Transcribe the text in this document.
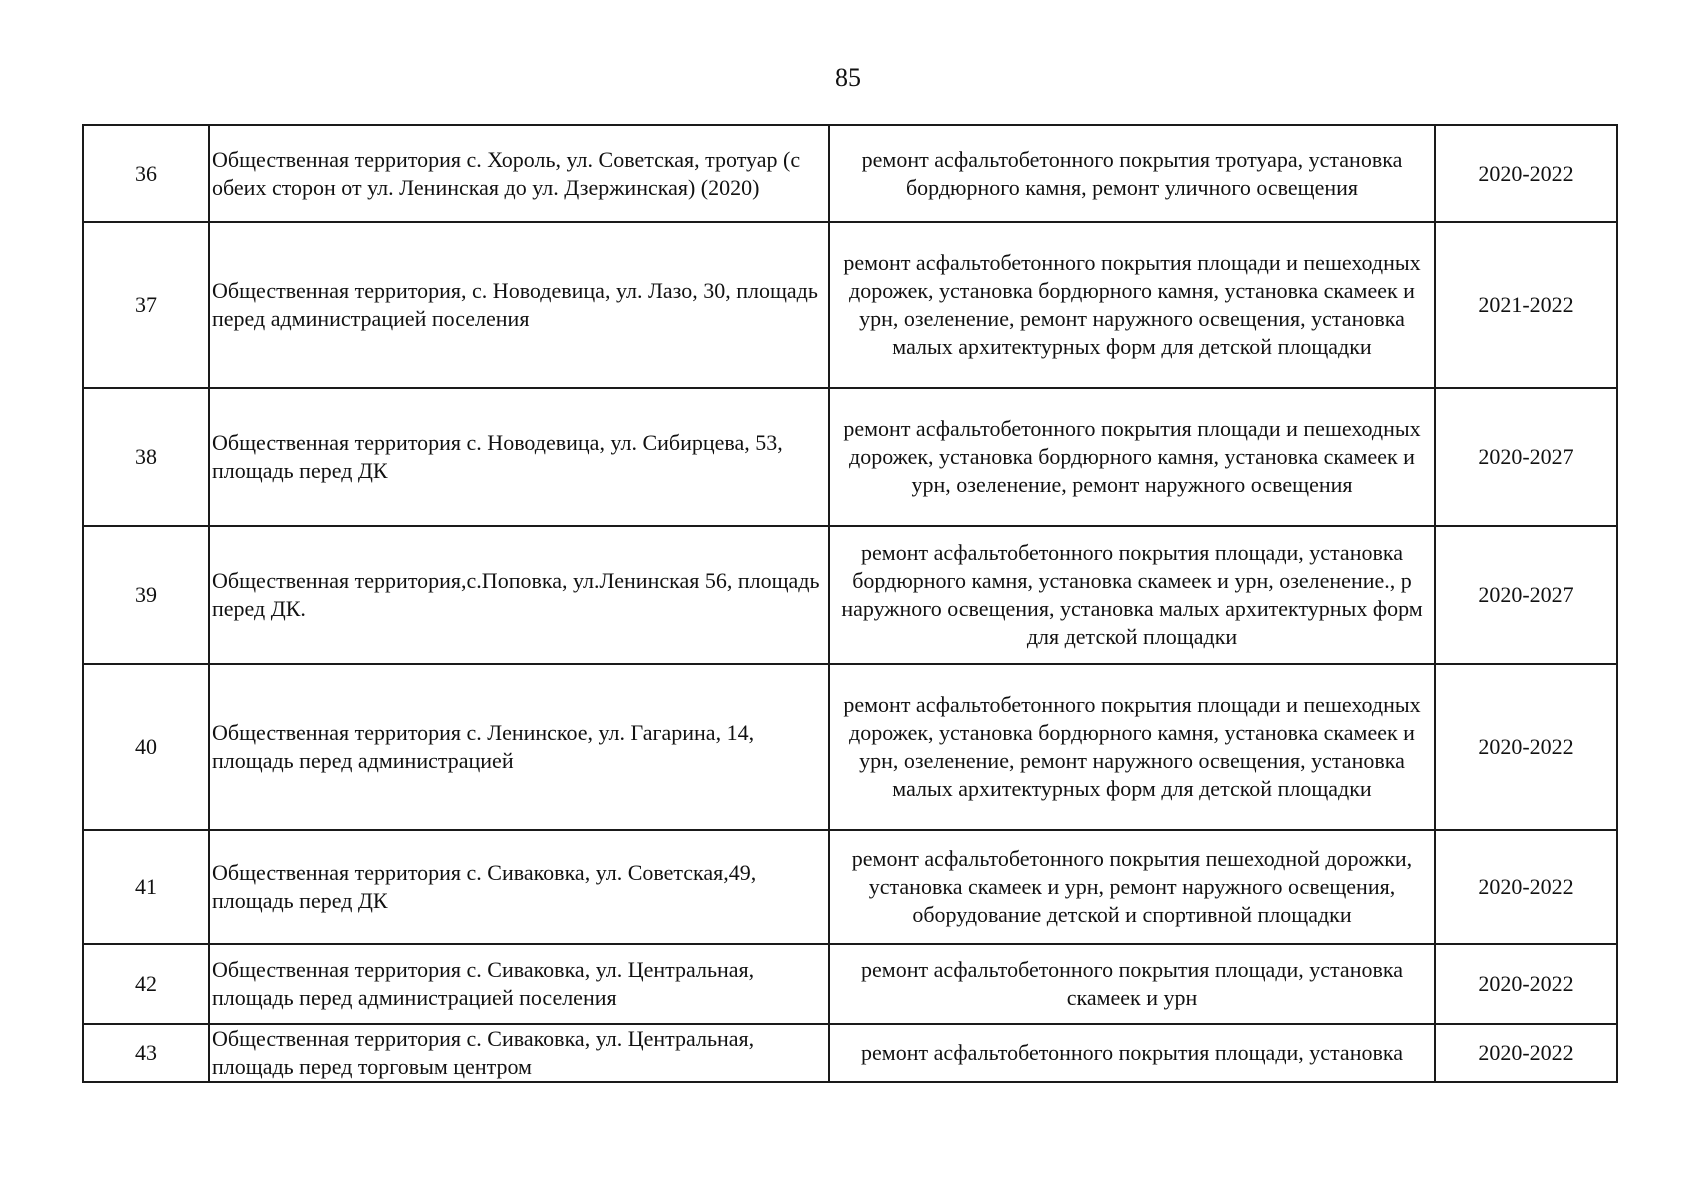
85
36	Общественная территория с. Хороль, ул. Советская, тротуар (с обеих сторон от ул. Ленинская до ул. Дзержинская) (2020)	ремонт асфальтобетонного покрытия тротуара, установка бордюрного камня, ремонт уличного освещения	2020-2022
37	Общественная территория, с. Новодевица, ул. Лазо, 30, площадь перед администрацией поселения	ремонт асфальтобетонного покрытия площади и пешеходных дорожек, установка бордюрного камня, установка скамеек и урн, озеленение, ремонт наружного освещения, установка малых архитектурных форм для детской площадки	2021-2022
38	Общественная территория с. Новодевица, ул. Сибирцева, 53, площадь перед ДК	ремонт асфальтобетонного покрытия площади и пешеходных дорожек, установка бордюрного камня, установка скамеек и урн, озеленение, ремонт наружного освещения	2020-2027
39	Общественная территория,с.Поповка, ул.Ленинская 56, площадь перед ДК.	ремонт асфальтобетонного покрытия площади, установка бордюрного камня, установка скамеек и урн, озеленение., р наружного освещения, установка малых архитектурных форм для детской площадки	2020-2027
40	Общественная территория с. Ленинское, ул. Гагарина, 14, площадь перед администрацией	ремонт асфальтобетонного покрытия площади и пешеходных дорожек, установка бордюрного камня, установка скамеек и урн, озеленение, ремонт наружного освещения, установка малых архитектурных форм для детской площадки	2020-2022
41	Общественная территория с. Сиваковка, ул. Советская,49, площадь перед ДК	ремонт асфальтобетонного покрытия пешеходной дорожки, установка скамеек и урн, ремонт наружного освещения, оборудование детской и спортивной площадки	2020-2022
42	Общественная территория с. Сиваковка, ул. Центральная, площадь перед администрацией поселения	ремонт асфальтобетонного покрытия площади, установка скамеек и урн	2020-2022
43	Общественная территория с. Сиваковка, ул. Центральная, площадь перед торговым центром	ремонт асфальтобетонного покрытия площади, установка	2020-2022
